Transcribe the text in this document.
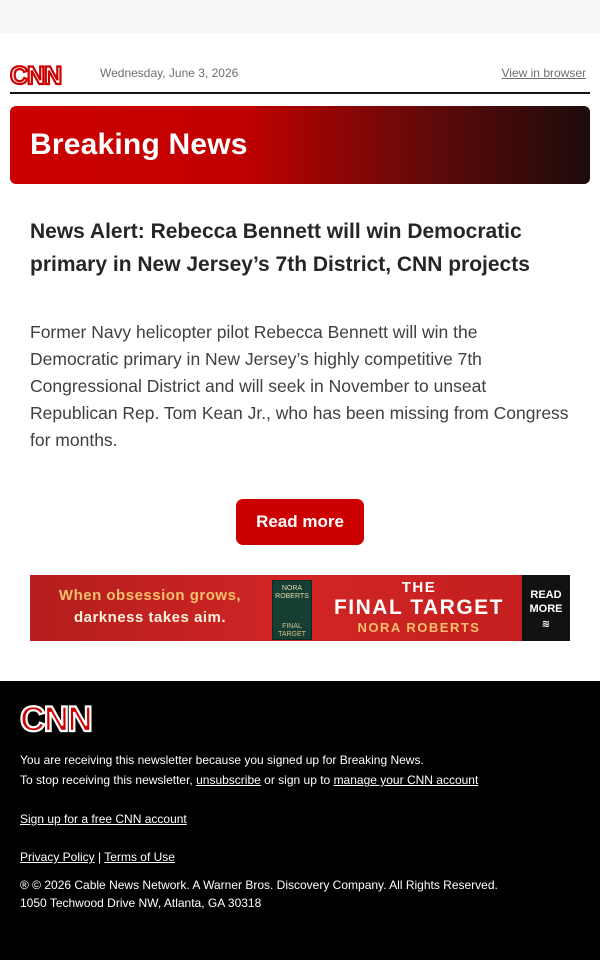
CNN	Wednesday, June 3, 2026	View in browser
Breaking News
News Alert: Rebecca Bennett will win Democratic primary in New Jersey’s 7th District, CNN projects
Former Navy helicopter pilot Rebecca Bennett will win the Democratic primary in New Jersey’s highly competitive 7th Congressional District and will seek in November to unseat Republican Rep. Tom Kean Jr., who has been missing from Congress for months.
Read more
When obsession grows,
darkness takes aim.
NORA ROBERTS
FINAL TARGET
THE
FINAL TARGET
NORA ROBERTS
READ
MORE
≋
CNN
You are receiving this newsletter because you signed up for Breaking News.
To stop receiving this newsletter, unsubscribe or sign up to manage your CNN account
Sign up for a free CNN account
Privacy Policy | Terms of Use
® © 2026 Cable News Network. A Warner Bros. Discovery Company. All Rights Reserved.
1050 Techwood Drive NW, Atlanta, GA 30318
